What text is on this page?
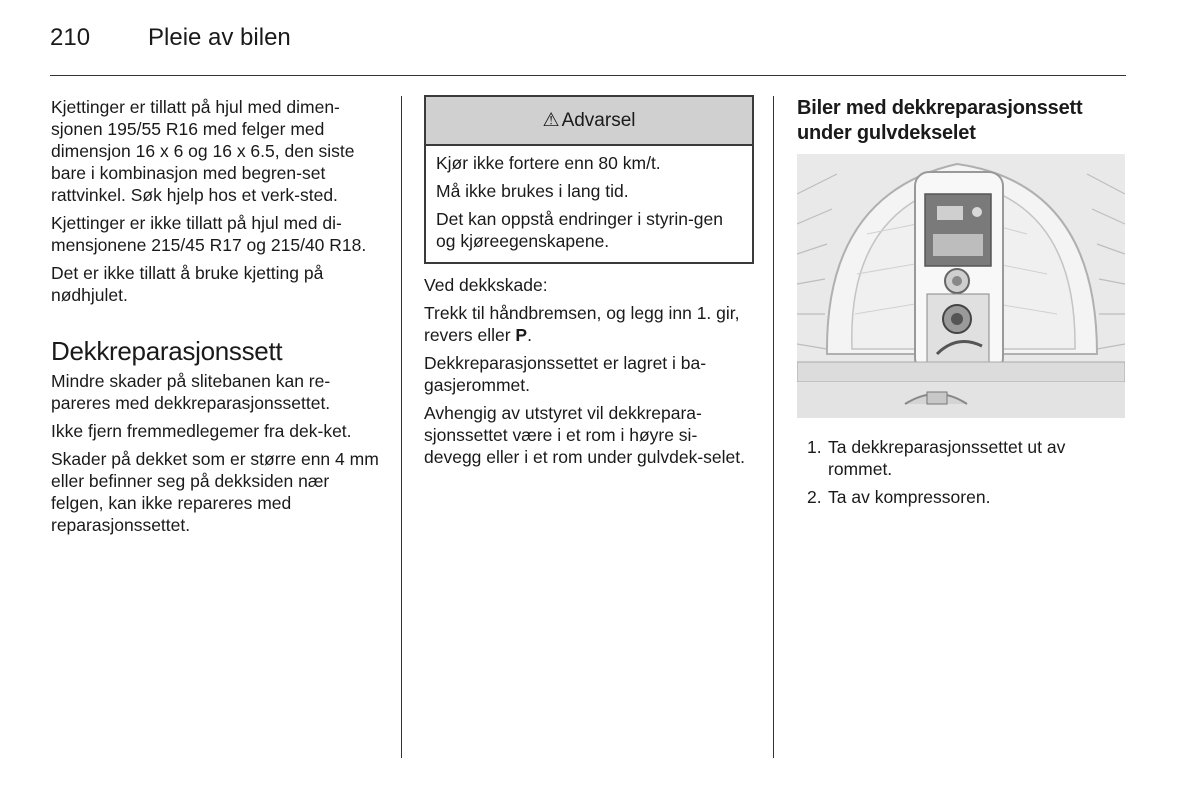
210 Pleie av bilen

Kjettinger er tillatt på hjul med dimen-sjonen 195/55 R16 med felger med dimensjon 16 x 6 og 16 x 6.5, den siste bare i kombinasjon med begren-set rattvinkel. Søk hjelp hos et verk-sted.

Kjettinger er ikke tillatt på hjul med di-mensjonene 215/45 R17 og 215/40 R18.

Det er ikke tillatt å bruke kjetting på nødhjulet.

Dekkreparasjonssett

Mindre skader på slitebanen kan re-pareres med dekkreparasjonssettet.

Ikke fjern fremmedlegemer fra dek-ket.

Skader på dekket som er større enn 4 mm eller befinner seg på dekksiden nær felgen, kan ikke repareres med reparasjonssettet.

⚠ Advarsel

Kjør ikke fortere enn 80 km/t.

Må ikke brukes i lang tid.

Det kan oppstå endringer i styrin-gen og kjøreegenskapene.

Ved dekkskade:

Trekk til håndbremsen, og legg inn 1. gir, revers eller P.

Dekkreparasjonssettet er lagret i ba-gasjerommet.

Avhengig av utstyret vil dekkrepara-sjonssettet være i et rom i høyre si-devegg eller i et rom under gulvdek-selet.

Biler med dekkreparasjonssett under gulvdekselet
1. Ta dekkreparasjonssettet ut av rommet.
2. Ta av kompressoren.
